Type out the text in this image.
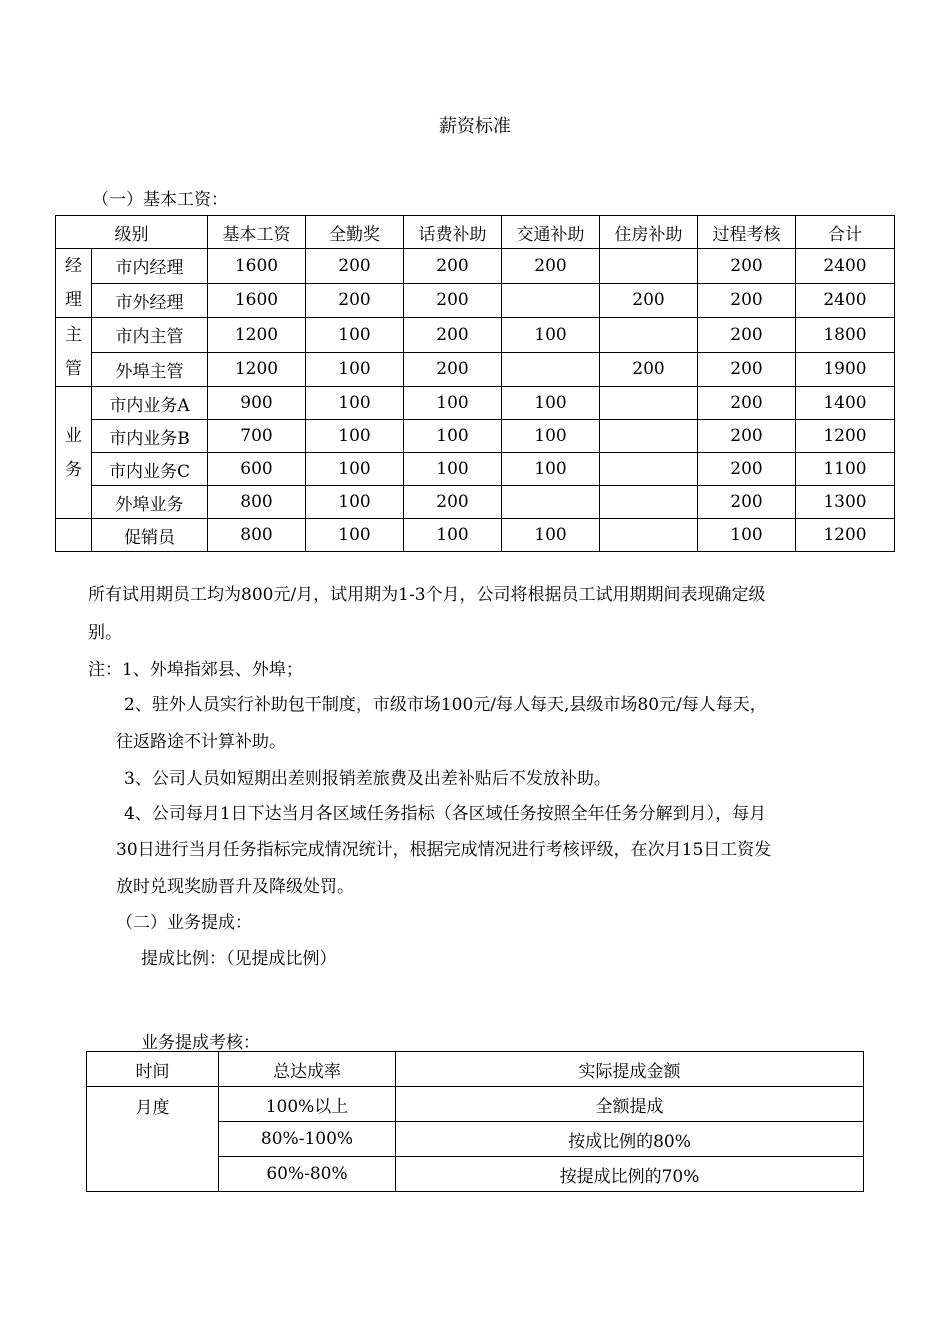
薪资标准
（一）基本工资：
级别		基本工资	全勤奖	话费补助	交通补助	住房补助	过程考核	合计
经
理	市内经理	1600	200	200	200		200	2400
	市外经理	1600	200	200		200	200	2400
主
管	市内主管	1200	100	200	100		200	1800
	外埠主管	1200	100	200		200	200	1900
业
务	市内业务A	900	100	100	100		200	1400
	市内业务B	700	100	100	100		200	1200
	市内业务C	600	100	100	100		200	1100
	外埠业务	800	100	200			200	1300
	促销员	800	100	100	100		100	1200

所有试用期员工均为800元/月，试用期为1-3个月，公司将根据员工试用期期间表现确定级

别。

注：1、外埠指郊县、外埠；

2、驻外人员实行补助包干制度，市级市场100元/每人每天,县级市场80元/每人每天，

往返路途不计算补助。

3、公司人员如短期出差则报销差旅费及出差补贴后不发放补助。

4、公司每月1日下达当月各区域任务指标（各区域任务按照全年任务分解到月），每月

30日进行当月任务指标完成情况统计，根据完成情况进行考核评级，在次月15日工资发

放时兑现奖励晋升及降级处罚。

（二）业务提成：

提成比例：（见提成比例）

业务提成考核：

时间	总达成率	实际提成金额
月度	100%以上	全额提成
	80%-100%	按成比例的80%
	60%-80%	按提成比例的70%
